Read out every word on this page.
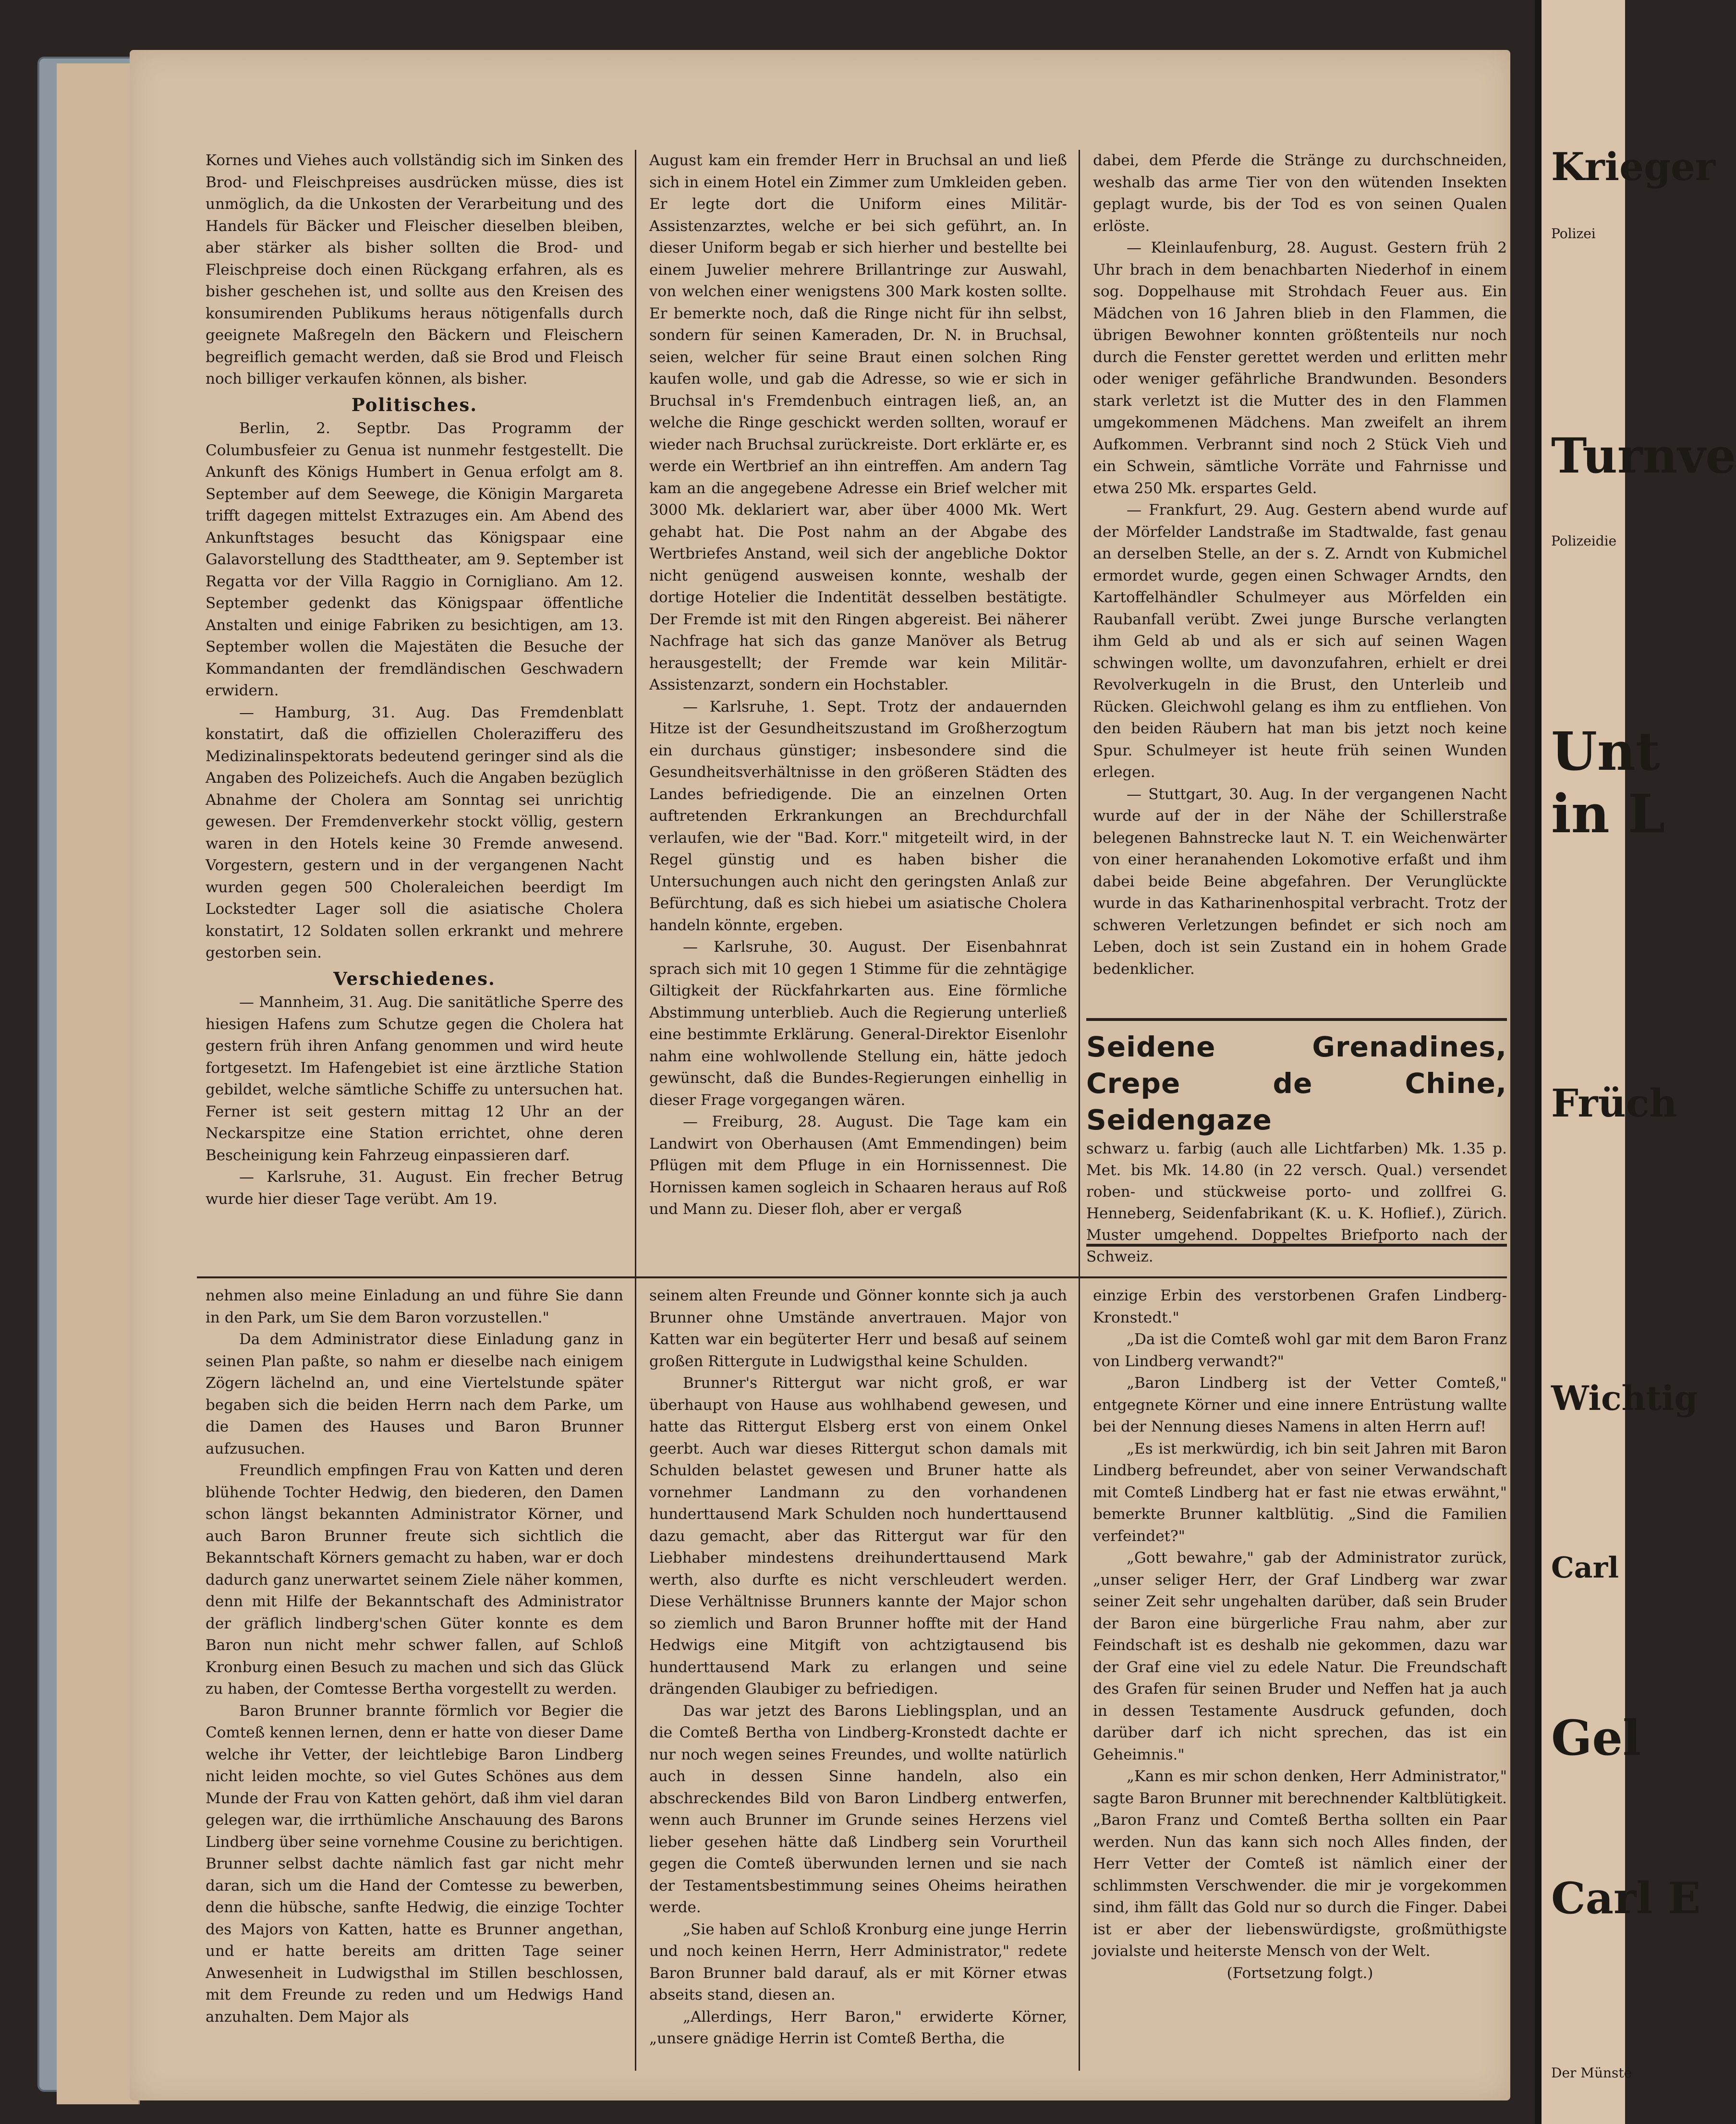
Kornes und Viehes auch vollständig sich im Sinken des Brod- und Fleischpreises ausdrücken müsse, dies ist unmöglich, da die Unkosten der Verarbeitung und des Handels für Bäcker und Fleischer dieselben bleiben, aber stärker als bisher sollten die Brod- und Fleischpreise doch einen Rückgang erfahren, als es bisher geschehen ist, und sollte aus den Kreisen des konsumirenden Publikums heraus nötigenfalls durch geeignete Maßregeln den Bäckern und Fleischern begreiflich gemacht werden, daß sie Brod und Fleisch noch billiger verkaufen können, als bisher.

Politisches.

Berlin, 2. Septbr. Das Programm der Columbusfeier zu Genua ist nunmehr festgestellt. Die Ankunft des Königs Humbert in Genua erfolgt am 8. September auf dem Seewege, die Königin Margareta trifft dagegen mittelst Extrazuges ein. Am Abend des Ankunftstages besucht das Königspaar eine Galavorstellung des Stadttheater, am 9. September ist Regatta vor der Villa Raggio in Cornigliano. Am 12. September gedenkt das Königspaar öffentliche Anstalten und einige Fabriken zu besichtigen, am 13. September wollen die Majestäten die Besuche der Kommandanten der fremdländischen Geschwadern erwidern.

— Hamburg, 31. Aug. Das Fremdenblatt konstatirt, daß die offiziellen Cholerazifferu des Medizinalinspektorats bedeutend geringer sind als die Angaben des Polizeichefs. Auch die Angaben bezüglich Abnahme der Cholera am Sonntag sei unrichtig gewesen. Der Fremdenverkehr stockt völlig, gestern waren in den Hotels keine 30 Fremde anwesend. Vorgestern, gestern und in der vergangenen Nacht wurden gegen 500 Choleraleichen beerdigt Im Lockstedter Lager soll die asiatische Cholera konstatirt, 12 Soldaten sollen erkrankt und mehrere gestorben sein.

Verschiedenes.

— Mannheim, 31. Aug. Die sanitätliche Sperre des hiesigen Hafens zum Schutze gegen die Cholera hat gestern früh ihren Anfang genommen und wird heute fortgesetzt. Im Hafengebiet ist eine ärztliche Station gebildet, welche sämtliche Schiffe zu untersuchen hat. Ferner ist seit gestern mittag 12 Uhr an der Neckarspitze eine Station errichtet, ohne deren Bescheinigung kein Fahrzeug einpassieren darf.

— Karlsruhe, 31. August. Ein frecher Betrug wurde hier dieser Tage verübt. Am 19.

August kam ein fremder Herr in Bruchsal an und ließ sich in einem Hotel ein Zimmer zum Umkleiden geben. Er legte dort die Uniform eines Militär-Assistenzarztes, welche er bei sich geführt, an. In dieser Uniform begab er sich hierher und bestellte bei einem Juwelier mehrere Brillantringe zur Auswahl, von welchen einer wenigstens 300 Mark kosten sollte. Er bemerkte noch, daß die Ringe nicht für ihn selbst, sondern für seinen Kameraden, Dr. N. in Bruchsal, seien, welcher für seine Braut einen solchen Ring kaufen wolle, und gab die Adresse, so wie er sich in Bruchsal in's Fremdenbuch eintragen ließ, an, an welche die Ringe geschickt werden sollten, worauf er wieder nach Bruchsal zurückreiste. Dort erklärte er, es werde ein Wertbrief an ihn eintreffen. Am andern Tag kam an die angegebene Adresse ein Brief welcher mit 3000 Mk. deklariert war, aber über 4000 Mk. Wert gehabt hat. Die Post nahm an der Abgabe des Wertbriefes Anstand, weil sich der angebliche Doktor nicht genügend ausweisen konnte, weshalb der dortige Hotelier die Indentität desselben bestätigte. Der Fremde ist mit den Ringen abgereist. Bei näherer Nachfrage hat sich das ganze Manöver als Betrug herausgestellt; der Fremde war kein Militär-Assistenzarzt, sondern ein Hochstabler.

— Karlsruhe, 1. Sept. Trotz der andauernden Hitze ist der Gesundheitszustand im Großherzogtum ein durchaus günstiger; insbesondere sind die Gesundheitsverhältnisse in den größeren Städten des Landes befriedigende. Die an einzelnen Orten auftretenden Erkrankungen an Brechdurchfall verlaufen, wie der "Bad. Korr." mitgeteilt wird, in der Regel günstig und es haben bisher die Untersuchungen auch nicht den geringsten Anlaß zur Befürchtung, daß es sich hiebei um asiatische Cholera handeln könnte, ergeben.

— Karlsruhe, 30. August. Der Eisenbahnrat sprach sich mit 10 gegen 1 Stimme für die zehntägige Giltigkeit der Rückfahrkarten aus. Eine förmliche Abstimmung unterblieb. Auch die Regierung unterließ eine bestimmte Erklärung. General-Direktor Eisenlohr nahm eine wohlwollende Stellung ein, hätte jedoch gewünscht, daß die Bundes-Regierungen einhellig in dieser Frage vorgegangen wären.

— Freiburg, 28. August. Die Tage kam ein Landwirt von Oberhausen (Amt Emmendingen) beim Pflügen mit dem Pfluge in ein Hornissennest. Die Hornissen kamen sogleich in Schaaren heraus auf Roß und Mann zu. Dieser floh, aber er vergaß

dabei, dem Pferde die Stränge zu durchschneiden, weshalb das arme Tier von den wütenden Insekten geplagt wurde, bis der Tod es von seinen Qualen erlöste.

— Kleinlaufenburg, 28. August. Gestern früh 2 Uhr brach in dem benachbarten Niederhof in einem sog. Doppelhause mit Strohdach Feuer aus. Ein Mädchen von 16 Jahren blieb in den Flammen, die übrigen Bewohner konnten größtenteils nur noch durch die Fenster gerettet werden und erlitten mehr oder weniger gefährliche Brandwunden. Besonders stark verletzt ist die Mutter des in den Flammen umgekommenen Mädchens. Man zweifelt an ihrem Aufkommen. Verbrannt sind noch 2 Stück Vieh und ein Schwein, sämtliche Vorräte und Fahrnisse und etwa 250 Mk. erspartes Geld.

— Frankfurt, 29. Aug. Gestern abend wurde auf der Mörfelder Landstraße im Stadtwalde, fast genau an derselben Stelle, an der s. Z. Arndt von Kubmichel ermordet wurde, gegen einen Schwager Arndts, den Kartoffelhändler Schulmeyer aus Mörfelden ein Raubanfall verübt. Zwei junge Bursche verlangten ihm Geld ab und als er sich auf seinen Wagen schwingen wollte, um davonzufahren, erhielt er drei Revolverkugeln in die Brust, den Unterleib und Rücken. Gleichwohl gelang es ihm zu entfliehen. Von den beiden Räubern hat man bis jetzt noch keine Spur. Schulmeyer ist heute früh seinen Wunden erlegen.

— Stuttgart, 30. Aug. In der vergangenen Nacht wurde auf der in der Nähe der Schillerstraße belegenen Bahnstrecke laut N. T. ein Weichenwärter von einer heranahenden Lokomotive erfaßt und ihm dabei beide Beine abgefahren. Der Verunglückte wurde in das Katharinenhospital verbracht. Trotz der schweren Verletzungen befindet er sich noch am Leben, doch ist sein Zustand ein in hohem Grade bedenklicher.

Seidene Grenadines, Crepe de Chine, Seidengaze
schwarz u. farbig (auch alle Lichtfarben) Mk. 1.35 p. Met. bis Mk. 14.80 (in 22 versch. Qual.) versendet roben- und stückweise porto- und zollfrei G. Henneberg, Seidenfabrikant (K. u. K. Hoflief.), Zürich. Muster umgehend. Doppeltes Briefporto nach der Schweiz.

nehmen also meine Einladung an und führe Sie dann in den Park, um Sie dem Baron vorzustellen."

Da dem Administrator diese Einladung ganz in seinen Plan paßte, so nahm er dieselbe nach einigem Zögern lächelnd an, und eine Viertelstunde später begaben sich die beiden Herrn nach dem Parke, um die Damen des Hauses und Baron Brunner aufzusuchen.

Freundlich empfingen Frau von Katten und deren blühende Tochter Hedwig, den biederen, den Damen schon längst bekannten Administrator Körner, und auch Baron Brunner freute sich sichtlich die Bekanntschaft Körners gemacht zu haben, war er doch dadurch ganz unerwartet seinem Ziele näher kommen, denn mit Hilfe der Bekanntschaft des Administrator der gräflich lindberg'schen Güter konnte es dem Baron nun nicht mehr schwer fallen, auf Schloß Kronburg einen Besuch zu machen und sich das Glück zu haben, der Comtesse Bertha vorgestellt zu werden.

Baron Brunner brannte förmlich vor Begier die Comteß kennen lernen, denn er hatte von dieser Dame welche ihr Vetter, der leichtlebige Baron Lindberg nicht leiden mochte, so viel Gutes Schönes aus dem Munde der Frau von Katten gehört, daß ihm viel daran gelegen war, die irrthümliche Anschauung des Barons Lindberg über seine vornehme Cousine zu berichtigen. Brunner selbst dachte nämlich fast gar nicht mehr daran, sich um die Hand der Comtesse zu bewerben, denn die hübsche, sanfte Hedwig, die einzige Tochter des Majors von Katten, hatte es Brunner angethan, und er hatte bereits am dritten Tage seiner Anwesenheit in Ludwigsthal im Stillen beschlossen, mit dem Freunde zu reden und um Hedwigs Hand anzuhalten. Dem Major als

seinem alten Freunde und Gönner konnte sich ja auch Brunner ohne Umstände anvertrauen. Major von Katten war ein begüterter Herr und besaß auf seinem großen Rittergute in Ludwigsthal keine Schulden.

Brunner's Rittergut war nicht groß, er war überhaupt von Hause aus wohlhabend gewesen, und hatte das Rittergut Elsberg erst von einem Onkel geerbt. Auch war dieses Rittergut schon damals mit Schulden belastet gewesen und Bruner hatte als vornehmer Landmann zu den vorhandenen hunderttausend Mark Schulden noch hunderttausend dazu gemacht, aber das Rittergut war für den Liebhaber mindestens dreihunderttausend Mark werth, also durfte es nicht verschleudert werden. Diese Verhältnisse Brunners kannte der Major schon so ziemlich und Baron Brunner hoffte mit der Hand Hedwigs eine Mitgift von achtzigtausend bis hunderttausend Mark zu erlangen und seine drängenden Glaubiger zu befriedigen.

Das war jetzt des Barons Lieblingsplan, und an die Comteß Bertha von Lindberg-Kronstedt dachte er nur noch wegen seines Freundes, und wollte natürlich auch in dessen Sinne handeln, also ein abschreckendes Bild von Baron Lindberg entwerfen, wenn auch Brunner im Grunde seines Herzens viel lieber gesehen hätte daß Lindberg sein Vorurtheil gegen die Comteß überwunden lernen und sie nach der Testamentsbestimmung seines Oheims heirathen werde.

„Sie haben auf Schloß Kronburg eine junge Herrin und noch keinen Herrn, Herr Administrator," redete Baron Brunner bald darauf, als er mit Körner etwas abseits stand, diesen an.

„Allerdings, Herr Baron," erwiderte Körner, „unsere gnädige Herrin ist Comteß Bertha, die

einzige Erbin des verstorbenen Grafen Lindberg-Kronstedt."

„Da ist die Comteß wohl gar mit dem Baron Franz von Lindberg verwandt?"

„Baron Lindberg ist der Vetter Comteß," entgegnete Körner und eine innere Entrüstung wallte bei der Nennung dieses Namens in alten Herrn auf!

„Es ist merkwürdig, ich bin seit Jahren mit Baron Lindberg befreundet, aber von seiner Verwandschaft mit Comteß Lindberg hat er fast nie etwas erwähnt," bemerkte Brunner kaltblütig. „Sind die Familien verfeindet?"

„Gott bewahre," gab der Administrator zurück, „unser seliger Herr, der Graf Lindberg war zwar seiner Zeit sehr ungehalten darüber, daß sein Bruder der Baron eine bürgerliche Frau nahm, aber zur Feindschaft ist es deshalb nie gekommen, dazu war der Graf eine viel zu edele Natur. Die Freundschaft des Grafen für seinen Bruder und Neffen hat ja auch in dessen Testamente Ausdruck gefunden, doch darüber darf ich nicht sprechen, das ist ein Geheimnis."

„Kann es mir schon denken, Herr Administrator," sagte Baron Brunner mit berechnender Kaltblütigkeit. „Baron Franz und Comteß Bertha sollten ein Paar werden. Nun das kann sich noch Alles finden, der Herr Vetter der Comteß ist nämlich einer der schlimmsten Verschwender. die mir je vorgekommen sind, ihm fällt das Gold nur so durch die Finger. Dabei ist er aber der liebenswürdigste, großmüthigste jovialste und heiterste Mensch von der Welt.

(Fortsetzung folgt.)

Krieger
Polizei
Turnve
Polizeidie
Unt
in L
Früch
Wichtig
Carl
Gel
Carl E
Der Münste
